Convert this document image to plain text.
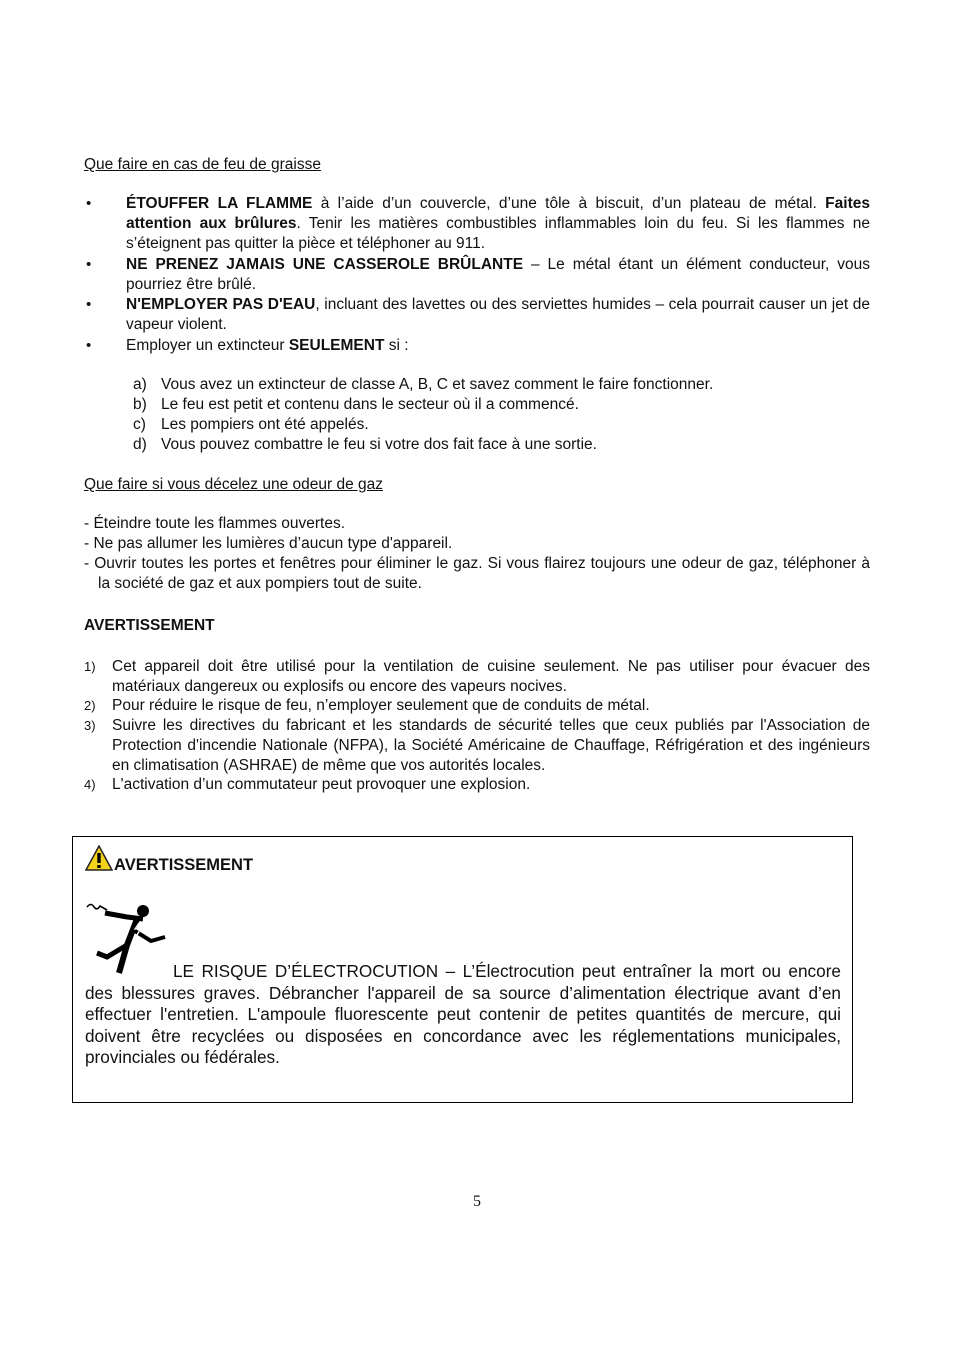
Que faire en cas de feu de graisse
• ÉTOUFFER LA FLAMME à l’aide d’un couvercle, d’une tôle à biscuit, d’un plateau de métal. Faites attention aux brûlures. Tenir les matières combustibles inflammables loin du feu. Si les flammes ne s’éteignent pas quitter la pièce et téléphoner au 911.
• NE PRENEZ JAMAIS UNE CASSEROLE BRÛLANTE – Le métal étant un élément conducteur, vous pourriez être brûlé.
• N'EMPLOYER PAS D'EAU, incluant des lavettes ou des serviettes humides – cela pourrait causer un jet de vapeur violent.
• Employer un extincteur SEULEMENT si :
a) Vous avez un extincteur de classe A, B, C et savez comment le faire fonctionner.
b) Le feu est petit et contenu dans le secteur où il a commencé.
c) Les pompiers ont été appelés.
d) Vous pouvez combattre le feu si votre dos fait face à une sortie.
Que faire si vous décelez une odeur de gaz
- Éteindre toute les flammes ouvertes.
- Ne pas allumer les lumières d’aucun type d'appareil.
- Ouvrir toutes les portes et fenêtres pour éliminer le gaz. Si vous flairez toujours une odeur de gaz, téléphoner à la société de gaz et aux pompiers tout de suite.
AVERTISSEMENT
1) Cet appareil doit être utilisé pour la ventilation de cuisine seulement. Ne pas utiliser pour évacuer des matériaux dangereux ou explosifs ou encore des vapeurs nocives.
2) Pour réduire le risque de feu, n’employer seulement que de conduits de métal.
3) Suivre les directives du fabricant et les standards de sécurité telles que ceux publiés par l'Association de Protection d'incendie Nationale (NFPA), la Société Américaine de Chauffage, Réfrigération et des ingénieurs en climatisation (ASHRAE) de même que vos autorités locales.
4) L'activation d’un commutateur peut provoquer une explosion.
AVERTISSEMENT
LE RISQUE D’ÉLECTROCUTION – L’Électrocution peut entraîner la mort ou encore des blessures graves. Débrancher l'appareil de sa source d’alimentation électrique avant d’en effectuer l'entretien. L'ampoule fluorescente peut contenir de petites quantités de mercure, qui doivent être recyclées ou disposées en concordance avec les réglementations municipales, provinciales ou fédérales.
5
